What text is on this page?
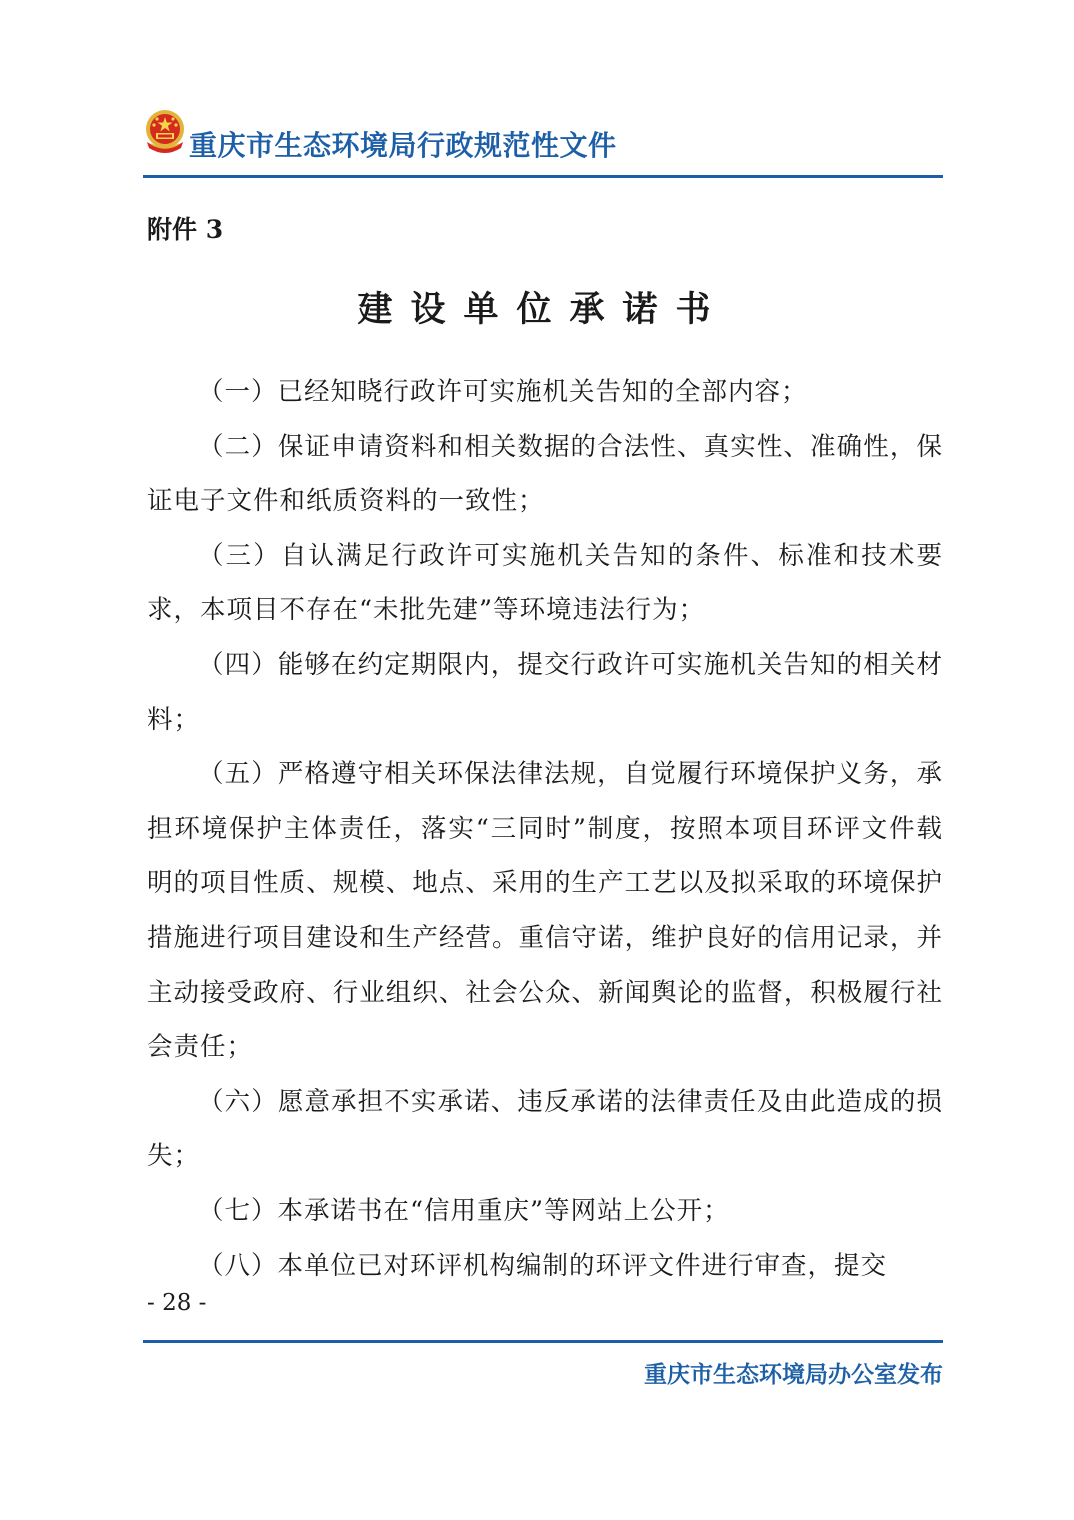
重庆市生态环境局行政规范性文件
附件 3
建设单位承诺书

（一）已经知晓行政许可实施机关告知的全部内容；

（二）保证申请资料和相关数据的合法性、真实性、准确性，保证电子文件和纸质资料的一致性；

（三）自认满足行政许可实施机关告知的条件、标准和技术要求，本项目不存在“未批先建”等环境违法行为；

（四）能够在约定期限内，提交行政许可实施机关告知的相关材料；

（五）严格遵守相关环保法律法规，自觉履行环境保护义务，承担环境保护主体责任，落实“三同时”制度，按照本项目环评文件载明的项目性质、规模、地点、采用的生产工艺以及拟采取的环境保护措施进行项目建设和生产经营。重信守诺，维护良好的信用记录，并主动接受政府、行业组织、社会公众、新闻舆论的监督，积极履行社会责任；

（六）愿意承担不实承诺、违反承诺的法律责任及由此造成的损失；

（七）本承诺书在“信用重庆”等网站上公开；

（八）本单位已对环评机构编制的环评文件进行审查，提交

- 28 -
重庆市生态环境局办公室发布
